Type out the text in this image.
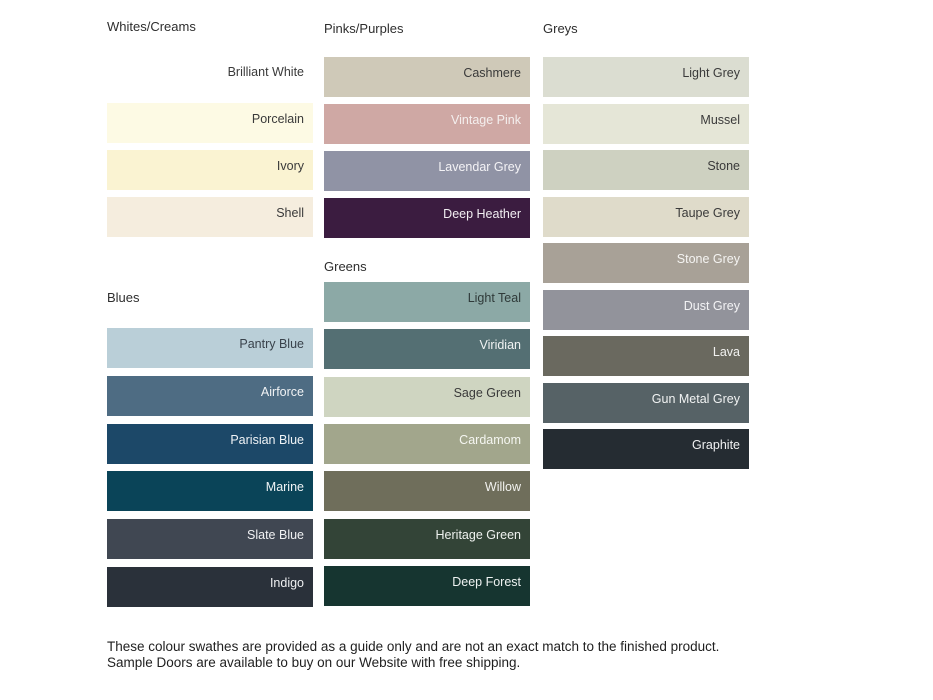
Whites/Creams
Brilliant White
Porcelain
Ivory
Shell
Pinks/Purples
Cashmere
Vintage Pink
Lavendar Grey
Deep Heather
Greys
Light Grey
Mussel
Stone
Taupe Grey
Stone Grey
Dust Grey
Lava
Gun Metal Grey
Graphite
Blues
Pantry Blue
Airforce
Parisian Blue
Marine
Slate Blue
Indigo
Greens
Light Teal
Viridian
Sage Green
Cardamom
Willow
Heritage Green
Deep Forest
These colour swathes are provided as a guide only and are not an exact match to the finished product. Sample Doors are available to buy on our Website with free shipping.
